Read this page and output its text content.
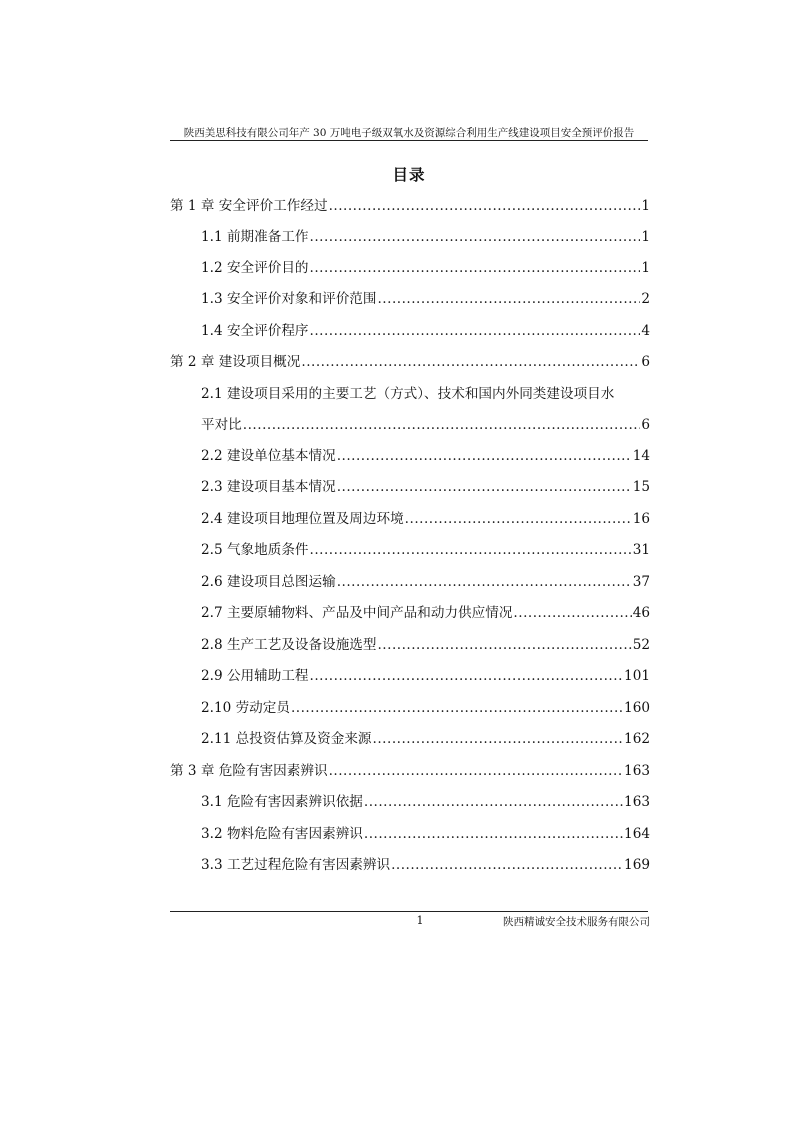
陕西美思科技有限公司年产 30 万吨电子级双氧水及资源综合利用生产线建设项目安全预评价报告
目录
第 1 章 安全评价工作经过 .....	1
1.1 前期准备工作 .....	1
1.2 安全评价目的 .....	1
1.3 安全评价对象和评价范围 .....	2
1.4 安全评价程序 .....	4
第 2 章 建设项目概况 .....	6
2.1 建设项目采用的主要工艺（方式）、技术和国内外同类建设项目水
平对比 .....	6
2.2 建设单位基本情况 .....	14
2.3 建设项目基本情况 .....	15
2.4 建设项目地理位置及周边环境 .....	16
2.5 气象地质条件 .....	31
2.6 建设项目总图运输 .....	37
2.7 主要原辅物料、产品及中间产品和动力供应情况 .....	46
2.8 生产工艺及设备设施选型 .....	52
2.9 公用辅助工程 .....	101
2.10 劳动定员 .....	160
2.11 总投资估算及资金来源 .....	162
第 3 章 危险有害因素辨识 .....	163
3.1 危险有害因素辨识依据 .....	163
3.2 物料危险有害因素辨识 .....	164
3.3 工艺过程危险有害因素辨识 .....	169
1	陕西精诚安全技术服务有限公司
